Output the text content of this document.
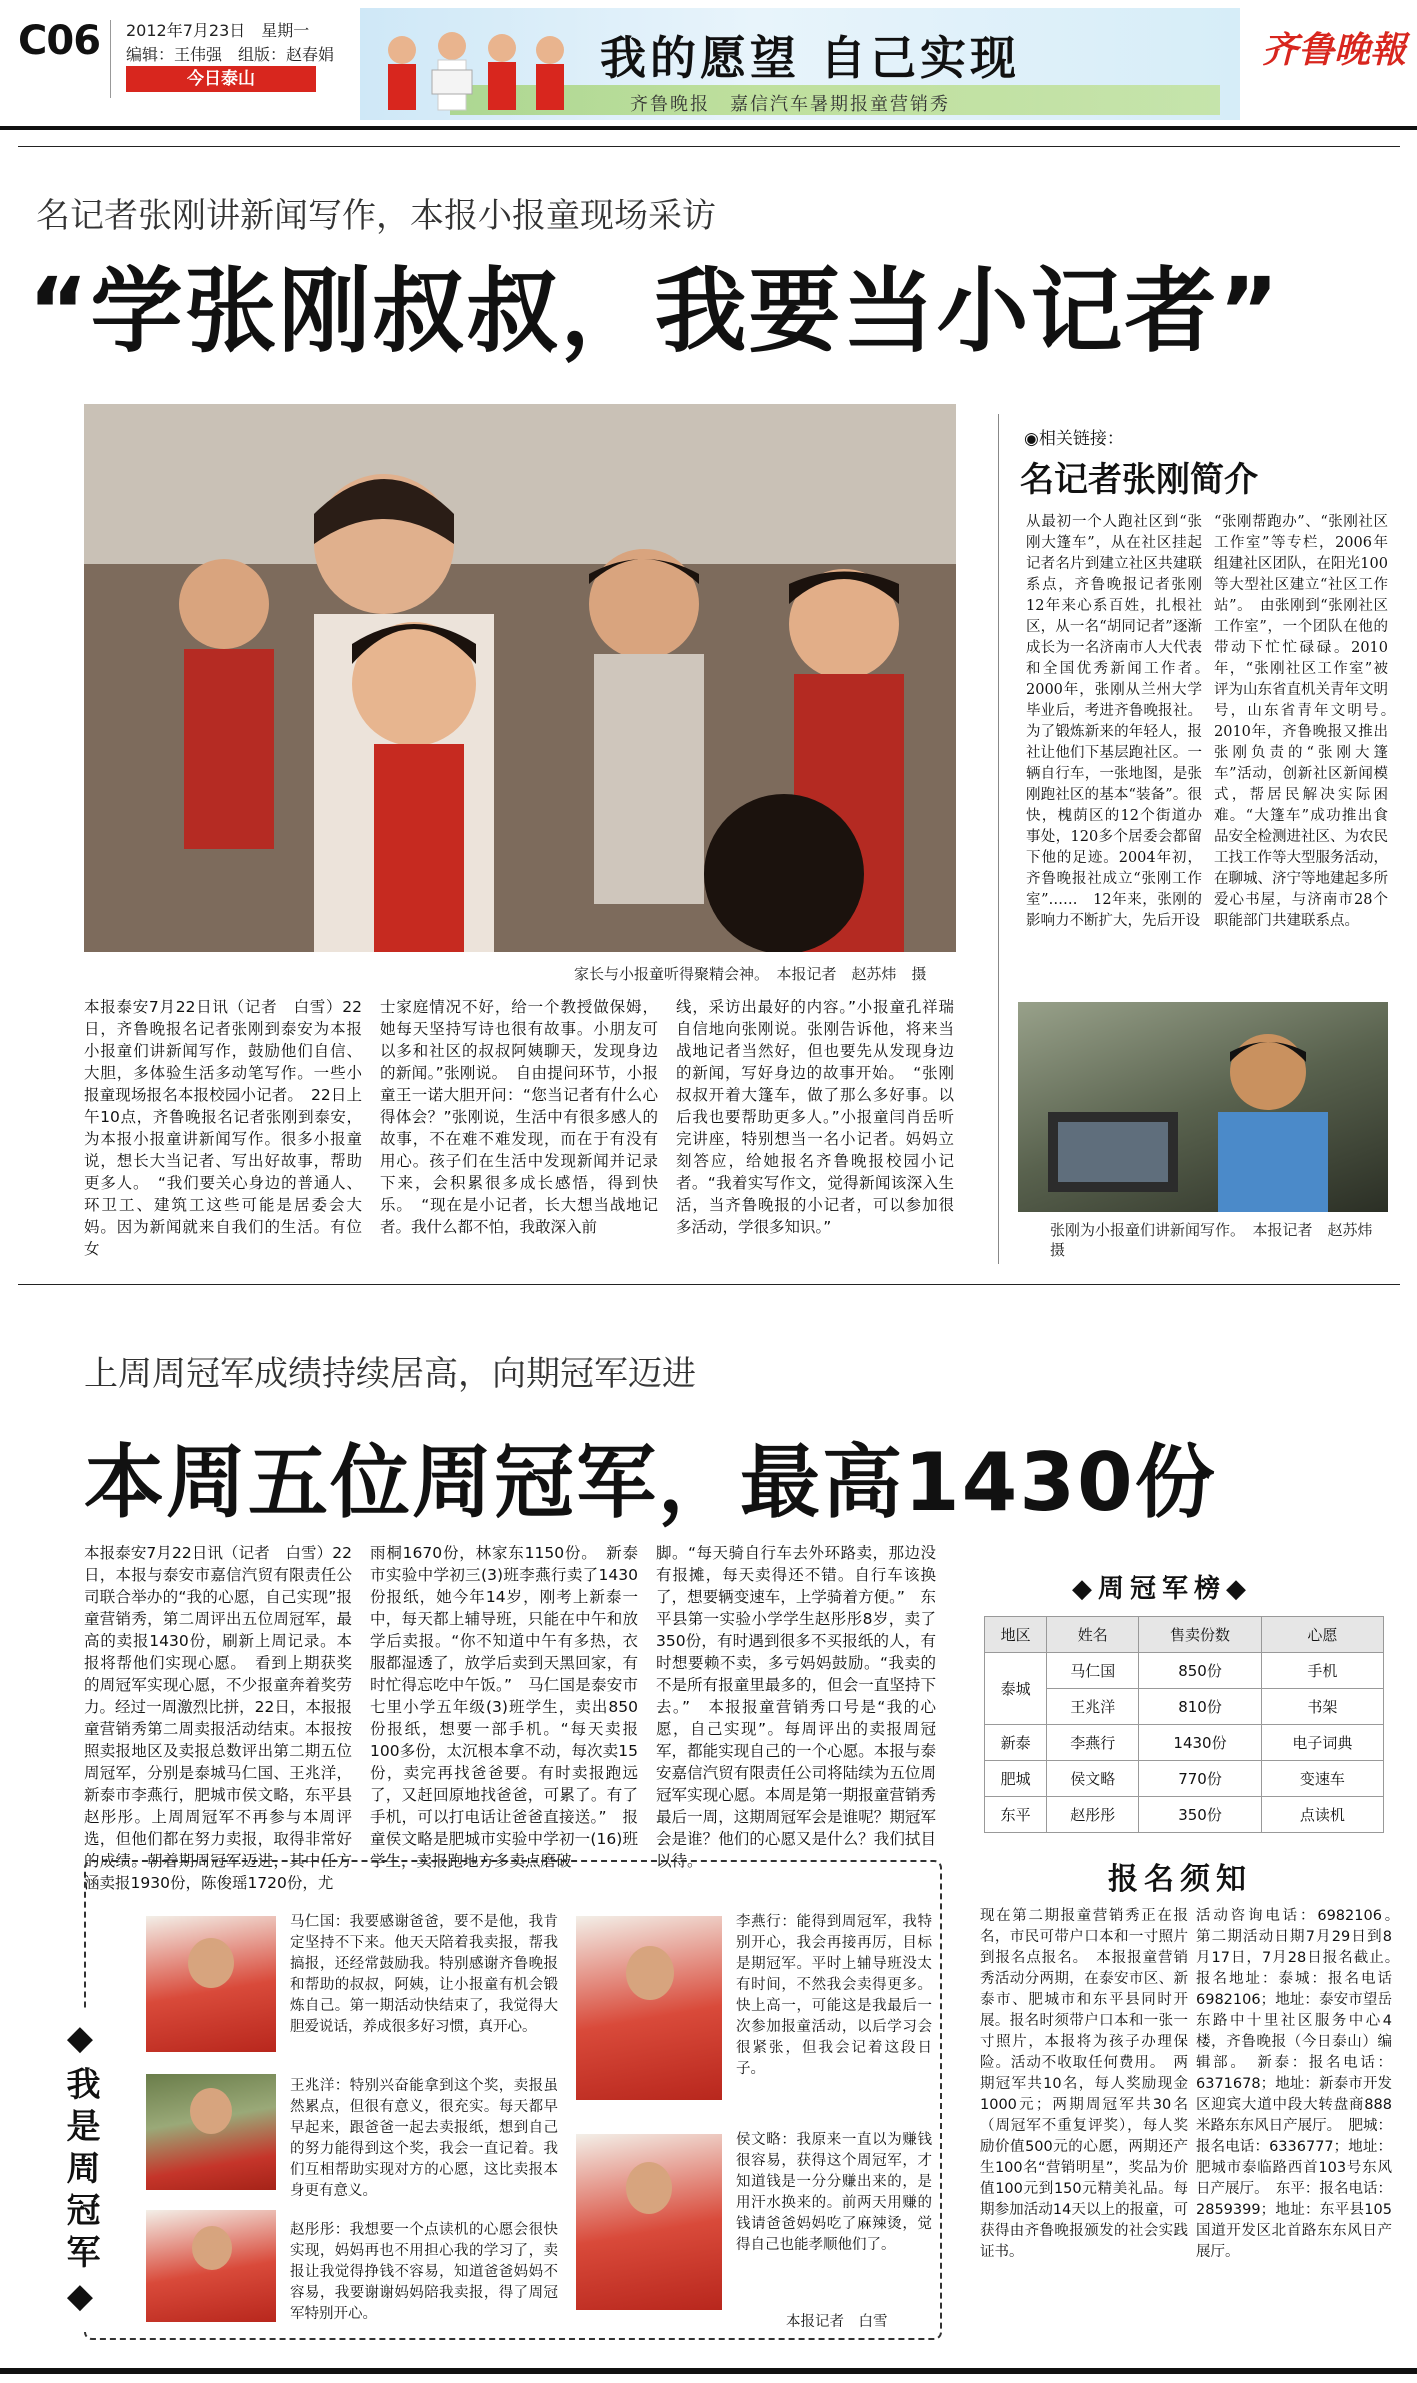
C06 2012年7月23日　星期一
编辑：王伟强　组版：赵春娟
今日泰山	我的愿望 自己实现
齐鲁晚报　嘉信汽车暑期报童营销秀
齐鲁晚報
名记者张刚讲新闻写作，本报小报童现场采访
“学张刚叔叔，我要当小记者”
家长与小报童听得聚精会神。　本报记者　赵苏炜　摄
本报泰安7月22日讯（记者　白雪）22日，齐鲁晚报名记者张刚到泰安为本报小报童们讲新闻写作，鼓励他们自信、大胆，多体验生活多动笔写作。一些小报童现场报名本报校园小记者。　22日上午10点，齐鲁晚报名记者张刚到泰安，为本报小报童讲新闻写作。很多小报童说，想长大当记者、写出好故事，帮助更多人。　“我们要关心身边的普通人、环卫工、建筑工这些可能是居委会大妈。因为新闻就来自我们的生活。有位女
士家庭情况不好，给一个教授做保姆，她每天坚持写诗也很有故事。小朋友可以多和社区的叔叔阿姨聊天，发现身边的新闻。”张刚说。　自由提问环节，小报童王一诺大胆开问：“您当记者有什么心得体会？”张刚说，生活中有很多感人的故事，不在难不难发现，而在于有没有用心。孩子们在生活中发现新闻并记录下来，会积累很多成长感悟，得到快乐。　“现在是小记者，长大想当战地记者。我什么都不怕，我敢深入前
线，采访出最好的内容。”小报童孔祥瑞自信地向张刚说。张刚告诉他，将来当战地记者当然好，但也要先从发现身边的新闻，写好身边的故事开始。　“张刚叔叔开着大篷车，做了那么多好事。以后我也要帮助更多人。”小报童闫肖岳听完讲座，特别想当一名小记者。妈妈立刻答应，给她报名齐鲁晚报校园小记者。“我着实写作文，觉得新闻该深入生活，当齐鲁晚报的小记者，可以参加很多活动，学很多知识。”
◉相关链接：
名记者张刚简介
从最初一个人跑社区到“张刚大篷车”，从在社区挂起记者名片到建立社区共建联系点，齐鲁晚报记者张刚12年来心系百姓，扎根社区，从一名“胡同记者”逐渐成长为一名济南市人大代表和全国优秀新闻工作者。　2000年，张刚从兰州大学毕业后，考进齐鲁晚报社。为了锻炼新来的年轻人，报社让他们下基层跑社区。一辆自行车，一张地图，是张刚跑社区的基本“装备”。很快，槐荫区的12个街道办事处，120多个居委会都留下他的足迹。2004年初，齐鲁晚报社成立“张刚工作室”……　12年来，张刚的影响力不断扩大，先后开设
“张刚帮跑办”、“张刚社区工作室”等专栏，2006年组建社区团队，在阳光100等大型社区建立“社区工作站”。　由张刚到“张刚社区工作室”，一个团队在他的带动下忙忙碌碌。2010年，“张刚社区工作室”被评为山东省直机关青年文明号，山东省青年文明号。　2010年，齐鲁晚报又推出张刚负责的“张刚大篷车”活动，创新社区新闻模式，帮居民解决实际困难。“大篷车”成功推出食品安全检测进社区、为农民工找工作等大型服务活动，在聊城、济宁等地建起多所爱心书屋，与济南市28个职能部门共建联系点。
张刚为小报童们讲新闻写作。　本报记者　赵苏炜　摄
上周周冠军成绩持续居高，向期冠军迈进
本周五位周冠军，最高1430份
本报泰安7月22日讯（记者　白雪）22日，本报与泰安市嘉信汽贸有限责任公司联合举办的“我的心愿，自己实现”报童营销秀，第二周评出五位周冠军，最高的卖报1430份，刷新上周记录。本报将帮他们实现心愿。　看到上期获奖的周冠军实现心愿，不少报童奔着奖劳力。经过一周激烈比拼，22日，本报报童营销秀第二周卖报活动结束。本报按照卖报地区及卖报总数评出第二期五位周冠军，分别是泰城马仁国、王兆洋，新泰市李燕行，肥城市侯文略，东平县赵彤彤。上周周冠军不再参与本周评选，但他们都在努力卖报，取得非常好的成绩。朝着期周冠军迈进，其中任方涵卖报1930份，陈俊瑶1720份，尤
雨桐1670份，林家东1150份。　新泰市实验中学初三(3)班李燕行卖了1430份报纸，她今年14岁，刚考上新泰一中，每天都上辅导班，只能在中午和放学后卖报。“你不知道中午有多热，衣服都湿透了，放学后卖到天黑回家，有时忙得忘吃中午饭。”　马仁国是泰安市七里小学五年级(3)班学生，卖出850份报纸，想要一部手机。“每天卖报100多份，太沉根本拿不动，每次卖15份，卖完再找爸爸要。有时卖报跑远了，又赶回原地找爸爸，可累了。有了手机，可以打电话让爸爸直接送。”　报童侯文略是肥城市实验中学初一(16)班学生，卖报跑地方多卖点磨破
脚。“每天骑自行车去外环路卖，那边没有报摊，每天卖得还不错。自行车该换了，想要辆变速车，上学骑着方便。”　东平县第一实验小学学生赵彤彤8岁，卖了350份，有时遇到很多不买报纸的人，有时想要赖不卖，多亏妈妈鼓励。“我卖的不是所有报童里最多的，但会一直坚持下去。”　本报报童营销秀口号是“我的心愿，自己实现”。每周评出的卖报周冠军，都能实现自己的一个心愿。本报与泰安嘉信汽贸有限责任公司将陆续为五位周冠军实现心愿。本周是第一期报童营销秀最后一周，这期周冠军会是谁呢？期冠军会是谁？他们的心愿又是什么？我们拭目以待。
◆周冠军榜◆
地区	姓名	售卖份数	心愿
泰城	马仁国	850份	手机
	王兆洋	810份	书架
新泰	李燕行	1430份	电子词典
肥城	侯文略	770份	变速车
东平	赵彤彤	350份	点读机
◆我是周冠军◆
马仁国：我要感谢爸爸，要不是他，我肯定坚持不下来。他天天陪着我卖报，帮我搞报，还经常鼓励我。特别感谢齐鲁晚报和帮助的叔叔，阿姨，让小报童有机会锻炼自己。第一期活动快结束了，我觉得大胆爱说话，养成很多好习惯，真开心。
王兆洋：特别兴奋能拿到这个奖，卖报虽然累点，但很有意义，很充实。每天都早早起来，跟爸爸一起去卖报纸，想到自己的努力能得到这个奖，我会一直记着。我们互相帮助实现对方的心愿，这比卖报本身更有意义。
赵彤彤：我想要一个点读机的心愿会很快实现，妈妈再也不用担心我的学习了，卖报让我觉得挣钱不容易，知道爸爸妈妈不容易，我要谢谢妈妈陪我卖报，得了周冠军特别开心。
李燕行：能得到周冠军，我特别开心，我会再接再厉，目标是期冠军。平时上辅导班没太有时间，不然我会卖得更多。快上高一，可能这是我最后一次参加报童活动，以后学习会很紧张，但我会记着这段日子。
侯文略：我原来一直以为赚钱很容易，获得这个周冠军，才知道钱是一分分赚出来的，是用汗水换来的。前两天用赚的钱请爸爸妈妈吃了麻辣烫，觉得自己也能孝顺他们了。
本报记者　白雪
报名须知
现在第二期报童营销秀正在报名，市民可带户口本和一寸照片到报名点报名。　本报报童营销秀活动分两期，在泰安市区、新泰市、肥城市和东平县同时开展。报名时须带户口本和一张一寸照片，本报将为孩子办理保险。活动不收取任何费用。　两期冠军共10名，每人奖励现金1000元；两期周冠军共30名（周冠军不重复评奖），每人奖励价值500元的心愿，两期还产生100名“营销明星”，奖品为价值100元到150元精美礼品。每期参加活动14天以上的报童，可获得由齐鲁晚报颁发的社会实践证书。
活动咨询电话：6982106。　第二期活动日期7月29日到8月17日，7月28日报名截止。　报名地址：泰城：报名电话6982106；地址：泰安市望岳东路中十里社区服务中心4楼，齐鲁晚报（今日泰山）编辑部。　新泰：报名电话：6371678；地址：新泰市开发区迎宾大道中段大转盘商888米路东东风日产展厅。　肥城：报名电话：6336777；地址：肥城市泰临路西首103号东风日产展厅。　东平：报名电话：2859399；地址：东平县105国道开发区北首路东东风日产展厅。
